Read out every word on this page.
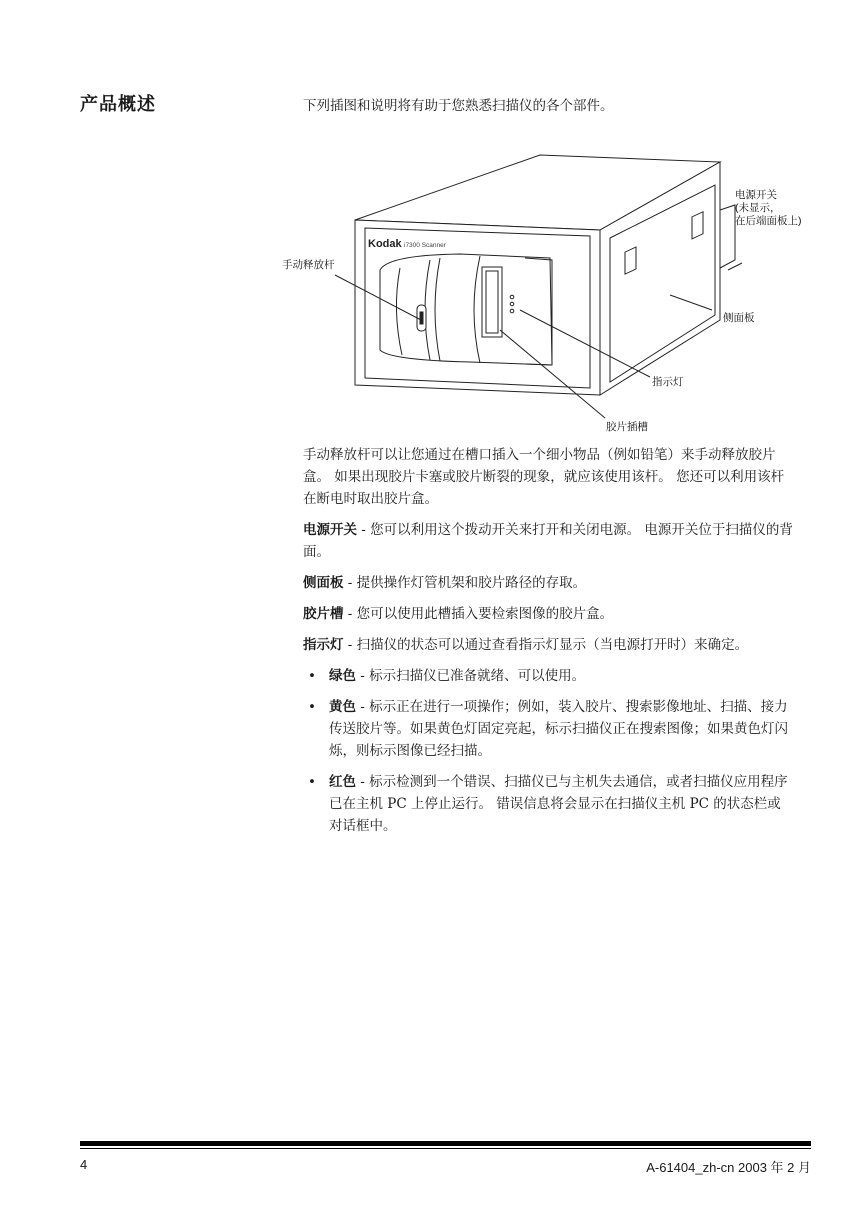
产品概述	下列插图和说明将有助于您熟悉扫描仪的各个部件。
Kodak i7300 Scanner
电源开关
(未显示，
在后端面板上)
手动释放杆
侧面板
指示灯
胶片插槽

手动释放杆可以让您通过在槽口插入一个细小物品（例如铅笔）来手动释放胶片盒。 如果出现胶片卡塞或胶片断裂的现象，就应该使用该杆。 您还可以利用该杆在断电时取出胶片盒。

电源开关 - 您可以利用这个拨动开关来打开和关闭电源。 电源开关位于扫描仪的背面。

侧面板 - 提供操作灯管机架和胶片路径的存取。

胶片槽 - 您可以使用此槽插入要检索图像的胶片盒。

指示灯 - 扫描仪的状态可以通过查看指示灯显示（当电源打开时）来确定。

• 绿色 - 标示扫描仪已准备就绪、可以使用。
• 黄色 - 标示正在进行一项操作；例如，装入胶片、搜索影像地址、扫描、接力传送胶片等。如果黄色灯固定亮起，标示扫描仪正在搜索图像；如果黄色灯闪烁，则标示图像已经扫描。
• 红色 - 标示检测到一个错误、扫描仪已与主机失去通信，或者扫描仪应用程序已在主机 PC 上停止运行。 错误信息将会显示在扫描仪主机 PC 的状态栏或对话框中。
4	A-61404_zh-cn 2003 年 2 月
